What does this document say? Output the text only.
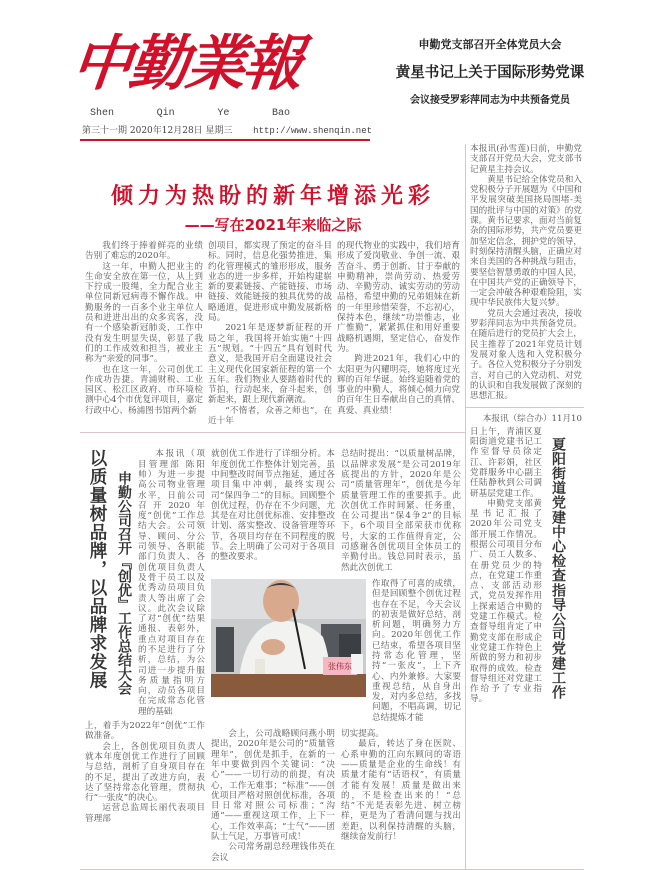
中勤業報
Shen	Qin	Ye	Bao
第三十一期 2020年12月28日 星期三 http://www.shenqin.net
申勤党支部召开全体党员大会
黄星书记上关于国际形势党课
会议接受罗彩萍同志为中共预备党员
倾力为热盼的新年增添光彩
——写在2021年来临之际

我们终于捧着鲜亮的业绩告别了难忘的2020年。

这一年，申勤人把业主的生命安全放在第一位，从上到下拧成一股绳，全力配合业主单位同新冠病毒不懈作战。申勤服务的一百多个业主单位人员和进进出出的众多宾客，没有一个感染新冠肺炎，工作中没有发生明显失误，彰显了我们的工作成效和担当，被业主称为“亲爱的同事”。

也在这一年，公司创优工作成功告捷。青浦财税、工业园区、松江区政府、市环境检测中心4个市优复评项目，嘉定行政中心、杨浦图书馆两个新

创项目，都实现了预定的奋斗目标。同时，信息化强势推进，集约化管理模式的雏形形成，服务业态的进一步多样，开始构建崭新的要素链接、产能链接、市场链接、效能链接的独具优势的战略通道，促进形成申勤发展新格局。

2021年是逐梦新征程的开局之年，我国将开始实施“十四五”规划。“十四五”具有划时代意义，是我国开启全面建设社会主义现代化国家新征程的第一个五年。我们物业人要踏着时代的节拍，行动起来，奋斗起来，创新起来，跟上现代新潮流。

“不惰者，众善之师也”，在近十年

的现代物业的实践中，我们培育形成了爱岗敬业、争创一流、艰苦奋斗、勇于创新、甘于奉献的申勤精神，崇尚劳动、热爱劳动、辛勤劳动、诚实劳动的劳动品格，希望申勤的兄弟姐妹在新的一年里珍惜荣誉，不忘初心，保持本色，继续“功崇惟志，业广惟勤”，紧紧抓住和用好重要战略机遇期，坚定信心，奋发作为。

跨进2021年，我们心中的太阳更为闪耀明亮，她将度过光辉的百年华诞。始终追随着党的事业的申勤人，将倾心倾力向党的百年生日奉献出自己的真情、真爱、真业绩！

申勤公司召开『创优』工作总结大会
以质量树品牌，以品牌求发展	本报讯（项目管理部 陈阳帅）为进一步提高公司物业管理水平，日前公司召开2020年度“创优”工作总结大会。公司领导、顾问、分公司领导、各职能部门负责人、各创优项目负责人及骨干员工以及优秀动员项目负责人等出席了会议。此次会议除了对“创优”结果通报、表彰外，重点对项目存在的不足进行了分析，总结，为公司进一步提升服务质量指明方向，动员各项目在完成常态化管理的基础

上，着手为2022年“创优”工作做准备。

会上，各创优项目负责人就本年度创优工作进行了回顾与总结，剖析了自身项目存在的不足，提出了改进方向，表达了坚持常态化管理，贯彻执行“一张皮”的决心。

运营总监周长丽代表项目管理部

就创优工作进行了详细分析。本年度创优工作整体计划完善，虽中间整改时间节点拖延，通过各项目集中冲刺，最终实现公司“保四争二”的目标。回顾整个创优过程，仍存在不少问题，尤其是在对比创优标准、安排整改计划、落实整改、设备管理等环节，各项目均存在不同程度的脱节。会上明确了公司对于各项目的整改要求。

总结时提出：“以质量树品牌，以品牌求发展”是公司2019年底提出的方针，2020年是公司“质量管理年”，创优是今年质量管理工作的重要抓手。此次创优工作时间紧、任务重，在公司提出“保4争2”的目标下，6个项目全部荣获市优称号，大家的工作值得肯定，公司感谢各创优项目全体员工的辛勤付出。钱总同时表示，虽然此次创优工

张伟东

作取得了可喜的成绩，但是回顾整个创优过程也存在不足，今天会议的初衷是做好总结，剖析问题，明确努力方向。2020年创优工作已结束，希望各项目坚持常态化管理，坚持“一张皮”，上下齐心、内外兼修。大家要重视总结，从自身出发，对内多总结，多找问题，不唱高调，切记总结提炼才能

会上，公司战略顾问燕小明提出，2020年是公司的“质量管理年”，创优是抓手，在新的一年中要做到四个关键词：“决心”——一切行动的前提，有决心，工作无难事；“标准”——创优项目严格对照创优标准，各项目日常对照公司标准；“沟通”——重视这项工作，上下一心，工作效率高；“士气”——团队士气足，万事皆可成！

公司常务副总经理钱伟英在会议

切实提高。

最后，转达了身在医院、心系申勤的江向东顾问的寄语——质量是企业的生命线！有质量才能有“话语权”，有质量才能有发展！质量是做出来的，不是检查出来的！“总结”不光是表彰先进、树立榜样，更是为了看清问题与找出差距，以利保持清醒的头脑，继续奋发前行！

本报讯(孙雪莲)日前，申勤党支部召开党员大会，党支部书记黄星主持会议。

黄星书记给全体党员和入党积极分子开展题为《中国和平发展突破美国挠局围堵-美国的批评与中国的对策》的党课。黄书记要求，面对当前复杂的国际形势，共产党员要更加坚定信念，拥护党的领导，时刻保持清醒头脑，正确应对来自美国的各种挑战与阻击，要坚信智慧勇敢的中国人民，在中国共产党的正确领导下，一定会冲破各种艰难险阻，实现中华民族伟大复兴梦。

党员大会通过表决，接收罗彩萍同志为中共预备党员。在随后进行的党员扩大会上，民主推荐了2021年党员计划发展对象人选和入党积极分子。各位入党积极分子分别发言，对自己的入党动机、对党的认识和自我发展做了深刻的思想汇报。

本报讯（综合办）11月10

日上午，青浦区夏阳街道党建书记工作室督导员徐定江、许彩娟，社区党群服务中心副主任陆静秋到公司调研基层党建工作。

申勤党支部黄星书记汇报了2020年公司党支部开展工作情况。根据公司项目分布广、员工人数多、在册党员少的特点，在党建工作重点、支部活动形式，党员发挥作用上探索适合申勤的党建工作模式。检查督导组肯定了申勤党支部在形成企业党建工作特色上所做的努力和初步取得的成效。检查督导组还对党建工作给予了专业指导。	夏阳街道党建中心检查指导公司党建工作
